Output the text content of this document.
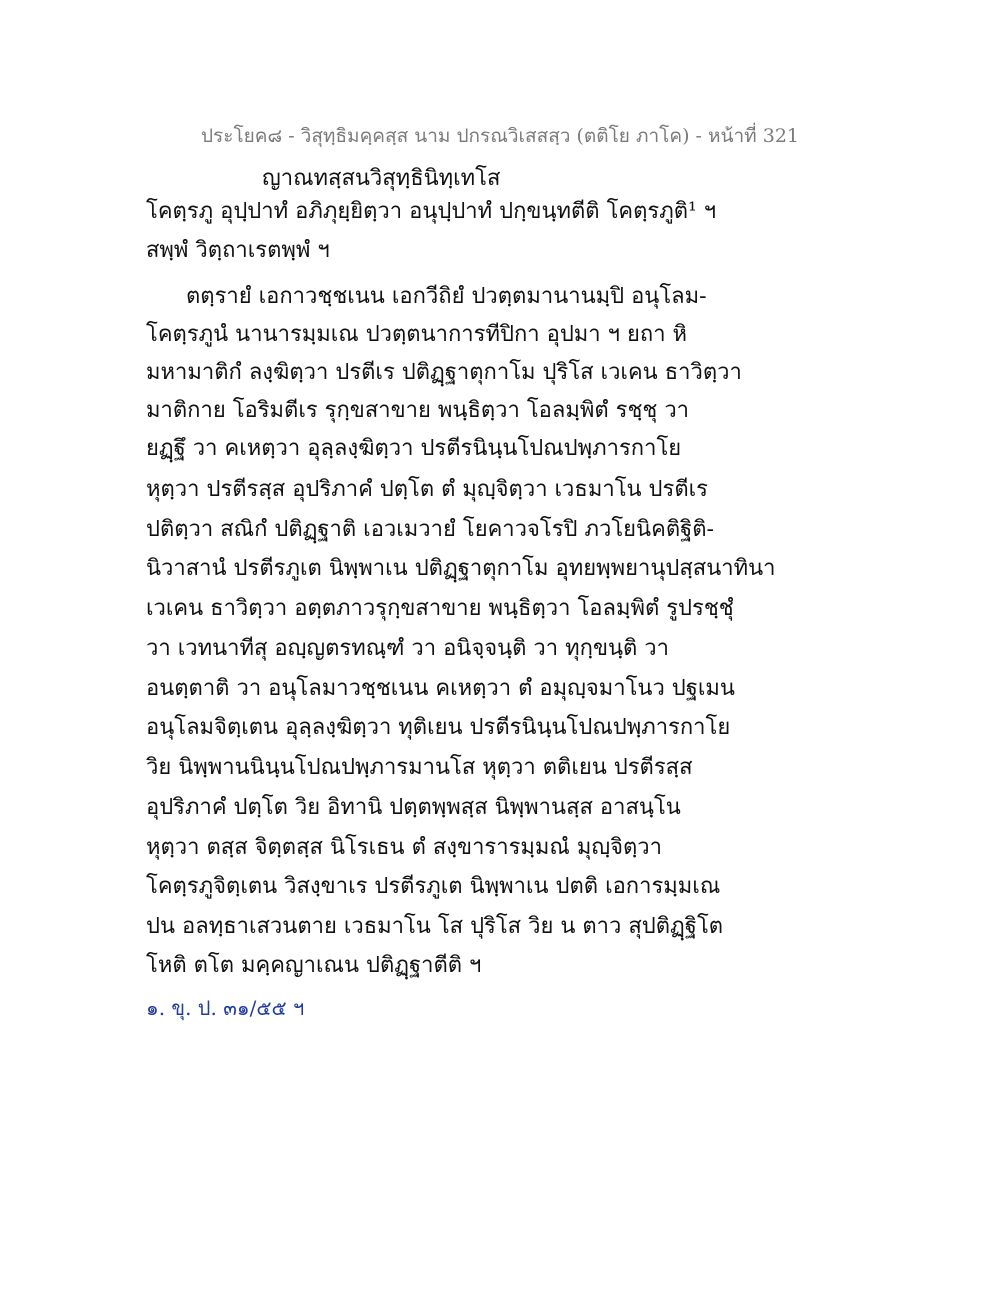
ประโยค๘ - วิสุทฺธิมคฺคสฺส นาม ปกรณวิเสสสฺว (ตติโย ภาโค) - หน้าที่ 321
ญาณทสฺสนวิสุทฺธินิทฺเทโส
โคตฺรภู อุปฺปาทํ อภิภุยฺยิตฺวา อนุปฺปาทํ ปกฺขนฺทตีติ โคตฺรภูติ¹ ฯ
สพฺพํ วิตฺถาเรตพฺพํ ฯ
ตตฺรายํ เอกาวชฺชเนน เอกวีถิยํ ปวตฺตมานานมฺปิ อนุโลม-
โคตฺรภูนํ นานารมฺมเณ ปวตฺตนาการทีปิกา อุปมา ฯ ยถา หิ
มหามาติกํ ลงฺฆิตฺวา ปรตีเร ปติฏฺฐาตุกาโม ปุริโส เวเคน ธาวิตฺวา
มาติกาย โอริมตีเร รุกฺขสาขาย พนฺธิตฺวา โอลมฺพิตํ รชฺชุ วา
ยฏฺฐึ วา คเหตฺวา อุลฺลงฺฆิตฺวา ปรตีรนินฺนโปณปพฺภารกาโย
หุตฺวา ปรตีรสฺส อุปริภาคํ ปตฺโต ตํ มุญฺจิตฺวา เวธมาโน ปรตีเร
ปติตฺวา สณิกํ ปติฏฺฐาติ เอวเมวายํ โยคาวจโรปิ ภวโยนิคติฐิติ-
นิวาสานํ ปรตีรภูเต นิพฺพาเน ปติฏฺฐาตุกาโม อุทยพฺพยานุปสฺสนาทินา
เวเคน ธาวิตฺวา อตฺตภาวรุกฺขสาขาย พนฺธิตฺวา โอลมฺพิตํ รูปรชฺชุํ
วา เวทนาทีสุ อญฺญตรทณฺฑํ วา อนิจฺจนฺติ วา ทุกฺขนฺติ วา
อนตฺตาติ วา อนุโลมาวชฺชเนน คเหตฺวา ตํ อมุญฺจมาโนว ปฐเมน
อนุโลมจิตฺเตน อุลฺลงฺฆิตฺวา ทุติเยน ปรตีรนินฺนโปณปพฺภารกาโย
วิย นิพฺพานนินฺนโปณปพฺภารมานโส หุตฺวา ตติเยน ปรตีรสฺส
อุปริภาคํ ปตฺโต วิย อิทานิ ปตฺตพฺพสฺส นิพฺพานสฺส อาสนฺโน
หุตฺวา ตสฺส จิตฺตสฺส นิโรเธน ตํ สงฺขารารมฺมณํ มุญฺจิตฺวา
โคตฺรภูจิตฺเตน วิสงฺขาเร ปรตีรภูเต นิพฺพาเน ปตติ เอการมฺมเณ
ปน อลทฺธาเสวนตาย เวธมาโน โส ปุริโส วิย น ตาว สุปติฏฺฐิโต
โหติ ตโต มคฺคญาเณน ปติฏฺฐาตีติ ฯ
๑. ขุ. ป. ๓๑/๕๕ ฯ
